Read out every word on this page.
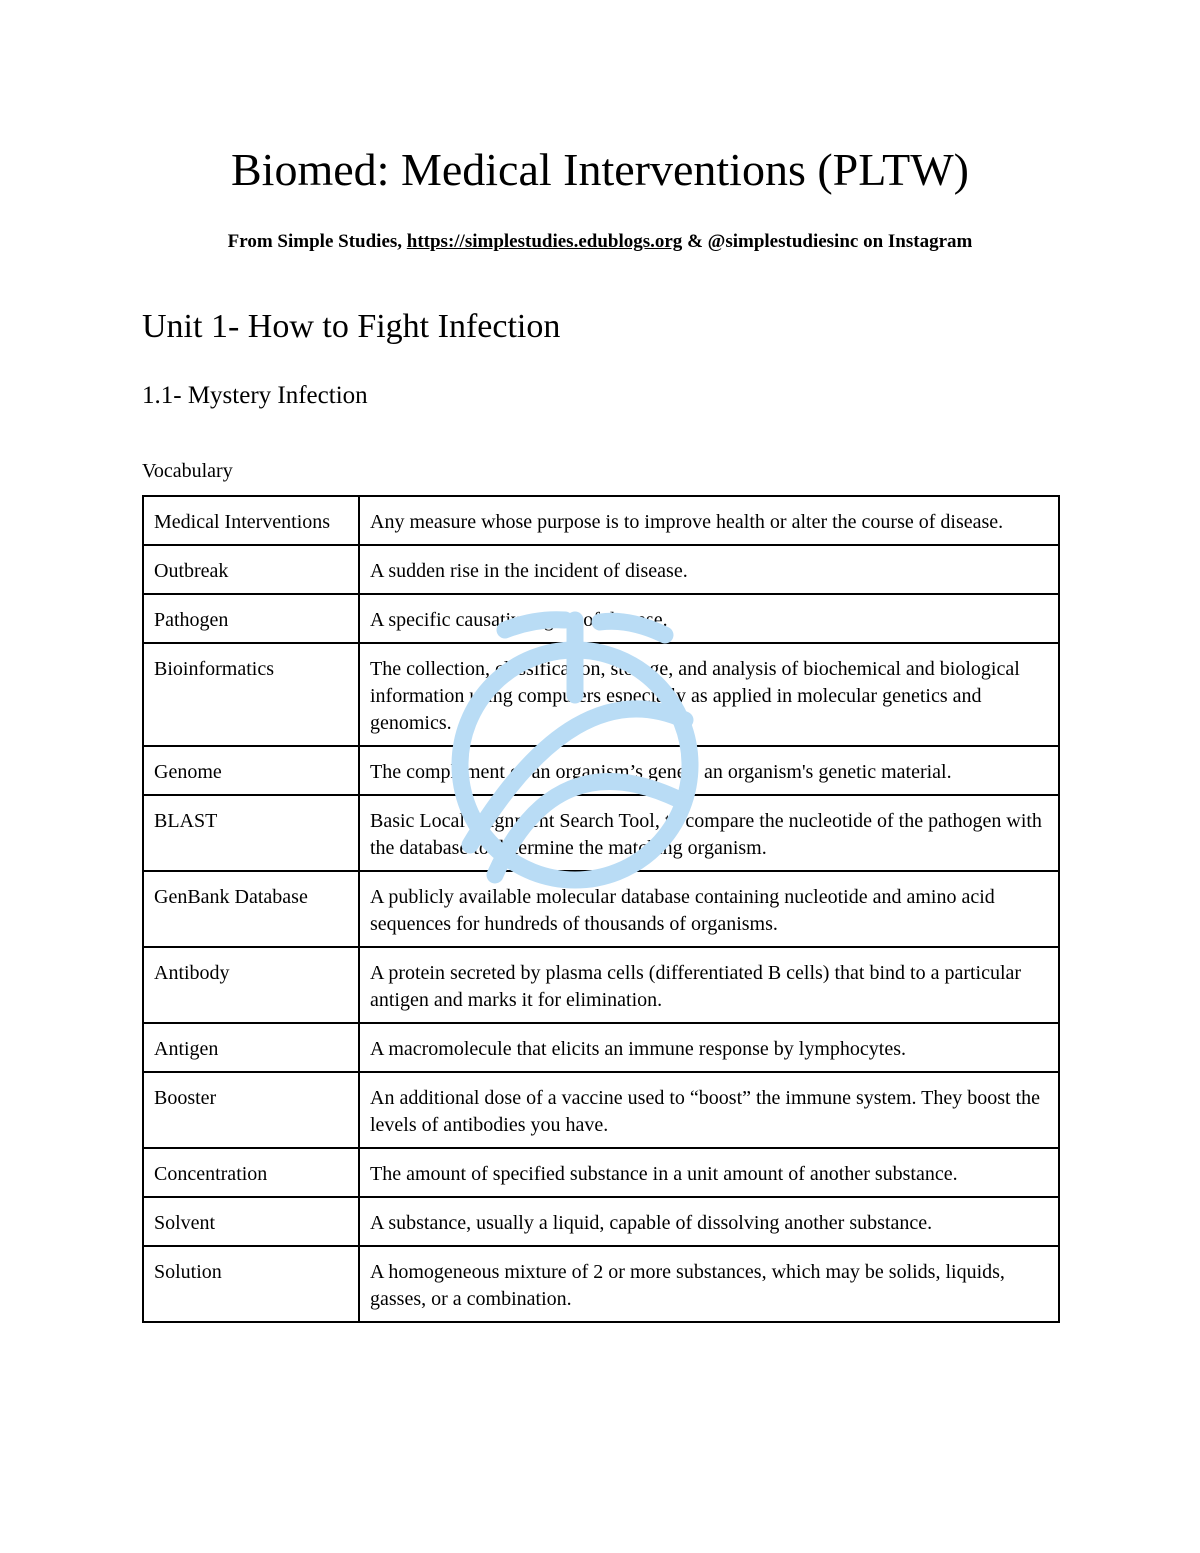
Biomed: Medical Interventions (PLTW)
From Simple Studies, https://simplestudies.edublogs.org & @simplestudiesinc on Instagram
Unit 1- How to Fight Infection
1.1- Mystery Infection
Vocabulary
Medical Interventions	Any measure whose purpose is to improve health or alter the course of disease.
Outbreak	A sudden rise in the incident of disease.
Pathogen	A specific causative agent of disease.
Bioinformatics	The collection, classification, storage, and analysis of biochemical and biological information using computers especially as applied in molecular genetics and genomics.
Genome	The complement of an organism’s genes; an organism's genetic material.
BLAST	Basic Local Alignment Search Tool, to compare the nucleotide of the pathogen with the database to determine the matching organism.
GenBank Database	A publicly available molecular database containing nucleotide and amino acid sequences for hundreds of thousands of organisms.
Antibody	A protein secreted by plasma cells (differentiated B cells) that bind to a particular antigen and marks it for elimination.
Antigen	A macromolecule that elicits an immune response by lymphocytes.
Booster	An additional dose of a vaccine used to “boost” the immune system. They boost the levels of antibodies you have.
Concentration	The amount of specified substance in a unit amount of another substance.
Solvent	A substance, usually a liquid, capable of dissolving another substance.
Solution	A homogeneous mixture of 2 or more substances, which may be solids, liquids, gasses, or a combination.
